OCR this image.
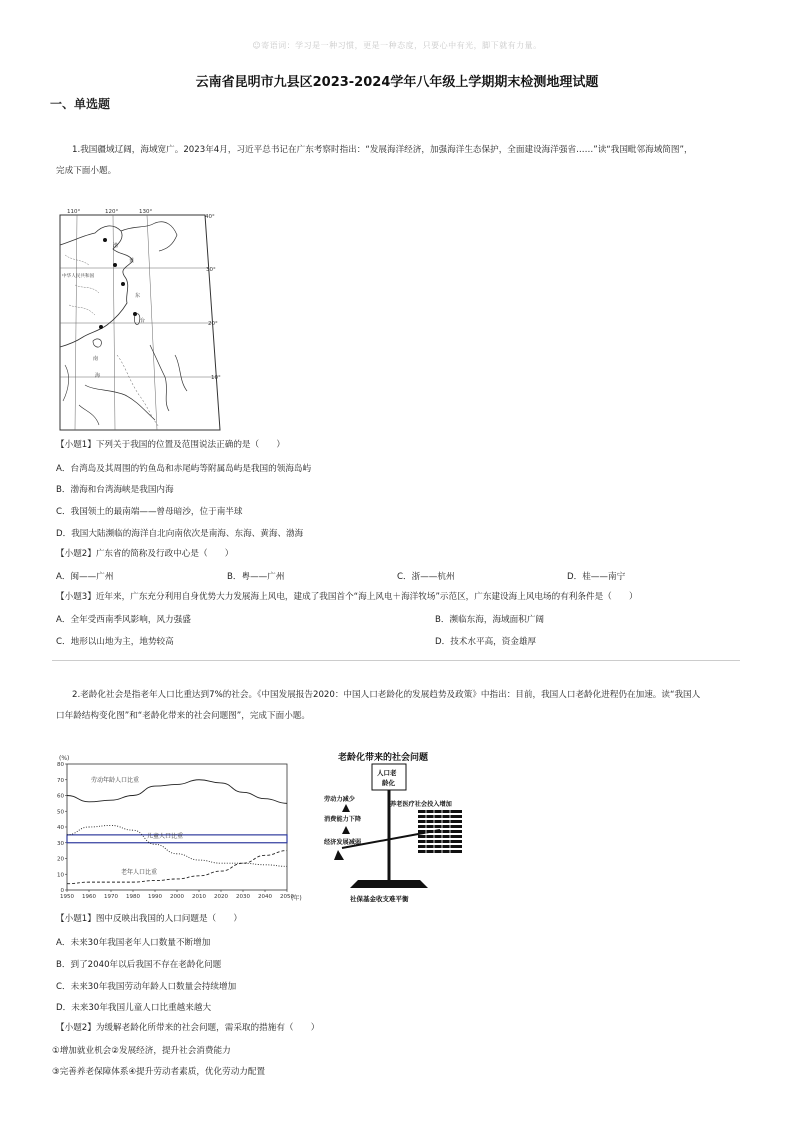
☺寄语词：学习是一种习惯，更是一种态度，只要心中有光，脚下就有力量。
云南省昆明市九县区2023-2024学年八年级上学期期末检测地理试题
一、单选题
1.我国疆域辽阔，海域宽广。2023年4月，习近平总书记在广东考察时指出：“发展海洋经济，加强海洋生态保护，全面建设海洋强省……”读“我国毗邻海域简图”，
完成下面小题。
110°	120°	130°
40°
30°
20°
10°
渤
黄
东
台
海
南
中华人民共和国
【小题1】下列关于我国的位置及范围说法正确的是（　　）
A．台湾岛及其周围的钓鱼岛和赤尾屿等附属岛屿是我国的领海岛屿
B．渤海和台湾海峡是我国内海
C．我国领土的最南端——曾母暗沙，位于南半球
D．我国大陆濒临的海洋自北向南依次是南海、东海、黄海、渤海
【小题2】广东省的简称及行政中心是（　　）
A．闽——广州	B．粤——广州	C．浙——杭州	D．桂——南宁
【小题3】近年来，广东充分利用自身优势大力发展海上风电，建成了我国首个“海上风电＋海洋牧场”示范区，广东建设海上风电场的有利条件是（　　）
A．全年受西南季风影响，风力强盛	B．濒临东海，海域面积广阔
C．地形以山地为主，地势较高	D．技术水平高，资金雄厚
2.老龄化社会是指老年人口比重达到7%的社会。《中国发展报告2020：中国人口老龄化的发展趋势及政策》中指出：目前，我国人口老龄化进程仍在加速。读“我国人
口年龄结构变化图”和“老龄化带来的社会问题图”，完成下面小题。
0
10
20
30
40
50
60
70
80
1950 1960 1970 1980 1990 2000 2010 2020 2030 2040 2050
(%)
(年)
劳动年龄人口比重
儿童人口比重
老年人口比重
老龄化带来的社会问题
人口老
龄化
劳动力减少
消费能力下降
经济发展减弱
养老医疗社会投入增加
社保基金收支难平衡
【小题1】图中反映出我国的人口问题是（　　）
A．未来30年我国老年人口数量不断增加
B．到了2040年以后我国不存在老龄化问题
C．未来30年我国劳动年龄人口数量会持续增加
D．未来30年我国儿童人口比重越来越大
【小题2】为缓解老龄化所带来的社会问题，需采取的措施有（　　）
①增加就业机会②发展经济，提升社会消费能力
③完善养老保障体系④提升劳动者素质，优化劳动力配置
